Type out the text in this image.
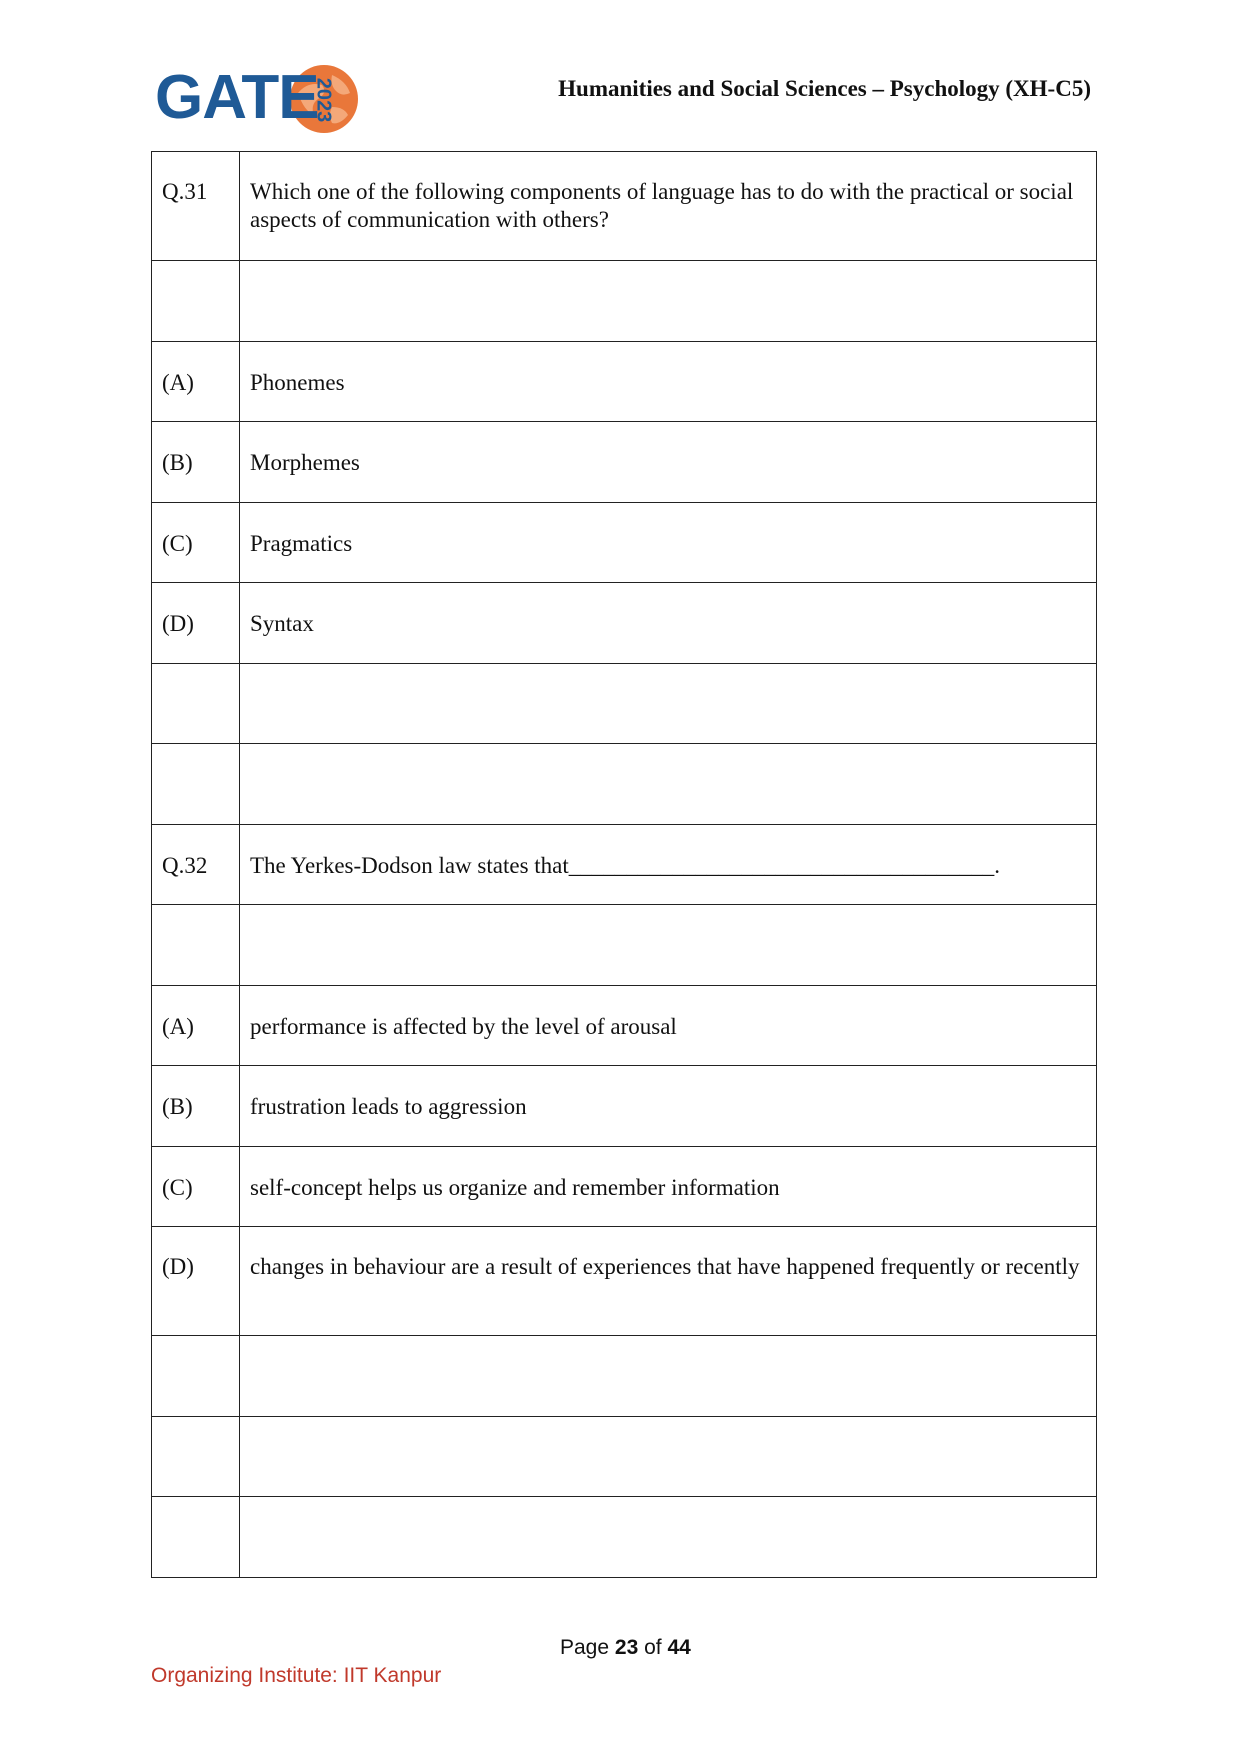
GATE
2023	Humanities and Social Sciences – Psychology (XH-C5)
Q.31	Which one of the following components of language has to do with the practical or social aspects of communication with others?

(A)	Phonemes

(B)	Morphemes

(C)	Pragmatics

(D)	Syntax

Q.32	The Yerkes-Dodson law states that_____________________________________.

(A)	performance is affected by the level of arousal

(B)	frustration leads to aggression

(C)	self-concept helps us organize and remember information

(D)	changes in behaviour are a result of experiences that have happened frequently or recently

Page 23 of 44
Organizing Institute: IIT Kanpur
